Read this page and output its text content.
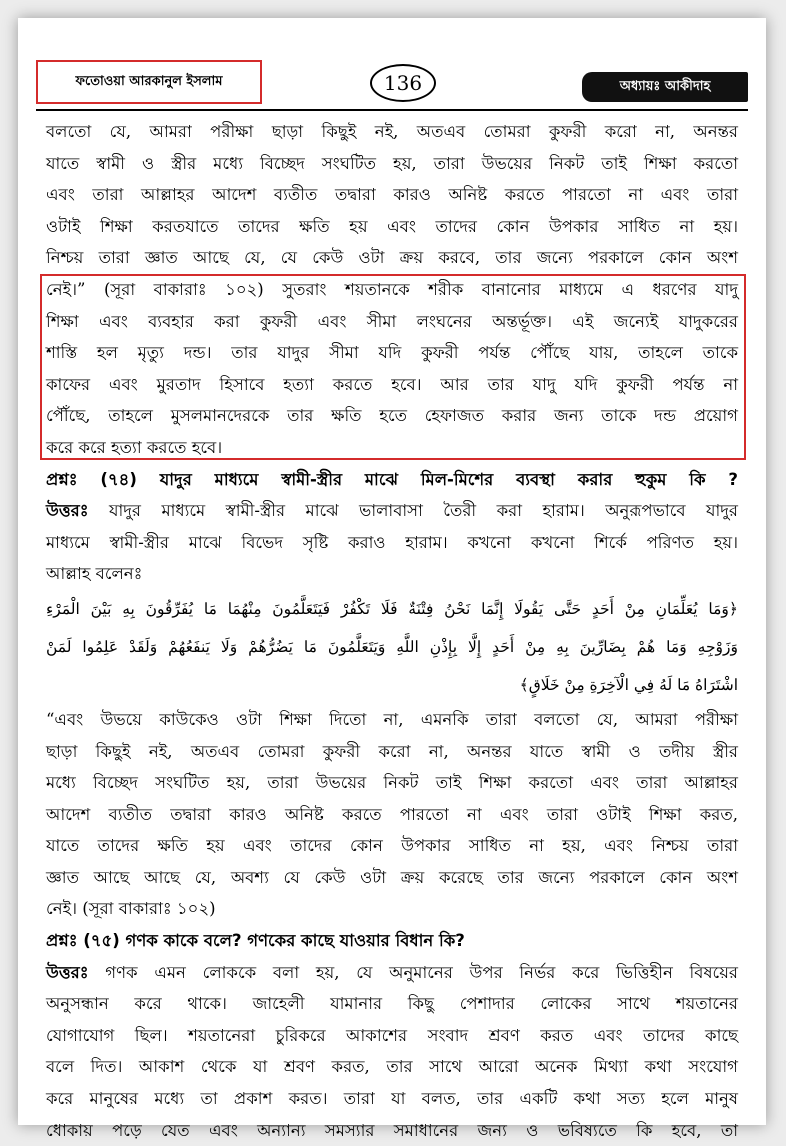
ফতোওয়া আরকানুল ইসলাম	136	অধ্যায়ঃ আকীদাহ
বলতো যে, আমরা পরীক্ষা ছাড়া কিছুই নই, অতএব তোমরা কুফরী করো না, অনন্তর
যাতে স্বামী ও স্ত্রীর মধ্যে বিচ্ছেদ সংঘটিত হয়, তারা উভয়ের নিকট তাই শিক্ষা করতো
এবং তারা আল্লাহর আদেশ ব্যতীত তদ্বারা কারও অনিষ্ট করতে পারতো না এবং তারা
ওটাই শিক্ষা করতযাতে তাদের ক্ষতি হয় এবং তাদের কোন উপকার সাধিত না হয়।
নিশ্চয় তারা জ্ঞাত আছে যে, যে কেউ ওটা ক্রয় করবে, তার জন্যে পরকালে কোন অংশ
নেই।” (সূরা বাকারাঃ ১০২) সুতরাং শয়তানকে শরীক বানানোর মাধ্যমে এ ধরণের যাদু
শিক্ষা এবং ব্যবহার করা কুফরী এবং সীমা লংঘনের অন্তর্ভূক্ত। এই জন্যেই যাদুকরের
শাস্তি হল মৃত্যু দন্ড। তার যাদুর সীমা যদি কুফরী পর্যন্ত পৌঁছে যায়, তাহলে তাকে
কাফের এবং মুরতাদ হিসাবে হত্যা করতে হবে। আর তার যাদু যদি কুফরী পর্যন্ত না
পৌঁছে, তাহলে মুসলমানদেরকে তার ক্ষতি হতে হেফাজত করার জন্য তাকে দন্ড প্রয়োগ
করে করে হত্যা করতে হবে।
প্রশ্নঃ (৭৪) যাদুর মাধ্যমে স্বামী-স্ত্রীর মাঝে মিল-মিশের ব্যবস্থা করার হুকুম কি ?
উত্তরঃ যাদুর মাধ্যমে স্বামী-স্ত্রীর মাঝে ভালাবাসা তৈরী করা হারাম। অনুরূপভাবে যাদুর
মাধ্যমে স্বামী-স্ত্রীর মাঝে বিভেদ সৃষ্টি করাও হারাম। কখনো কখনো শির্কে পরিণত হয়।
আল্লাহ বলেনঃ
﴿وَمَا يُعَلِّمَانِ مِنْ أَحَدٍ حَتَّى يَقُولَا إِنَّمَا نَحْنُ فِتْنَةٌ فَلَا تَكْفُرْ فَيَتَعَلَّمُونَ مِنْهُمَا مَا يُفَرِّقُونَ بِهِ بَيْنَ الْمَرْءِ
وَزَوْجِهِ وَمَا هُمْ بِضَارِّينَ بِهِ مِنْ أَحَدٍ إِلَّا بِإِذْنِ اللَّهِ وَيَتَعَلَّمُونَ مَا يَضُرُّهُمْ وَلَا يَنفَعُهُمْ وَلَقَدْ عَلِمُوا لَمَنْ
اشْتَرَاهُ مَا لَهُ فِي الْآخِرَةِ مِنْ خَلَاقٍ﴾
“এবং উভয়ে কাউকেও ওটা শিক্ষা দিতো না, এমনকি তারা বলতো যে, আমরা পরীক্ষা
ছাড়া কিছুই নই, অতএব তোমরা কুফরী করো না, অনন্তর যাতে স্বামী ও তদীয় স্ত্রীর
মধ্যে বিচ্ছেদ সংঘটিত হয়, তারা উভয়ের নিকট তাই শিক্ষা করতো এবং তারা আল্লাহর
আদেশ ব্যতীত তদ্বারা কারও অনিষ্ট করতে পারতো না এবং তারা ওটাই শিক্ষা করত,
যাতে তাদের ক্ষতি হয় এবং তাদের কোন উপকার সাধিত না হয়, এবং নিশ্চয় তারা
জ্ঞাত আছে আছে যে, অবশ্য যে কেউ ওটা ক্রয় করেছে তার জন্যে পরকালে কোন অংশ
নেই। (সূরা বাকারাঃ ১০২)
প্রশ্নঃ (৭৫) গণক কাকে বলে? গণকের কাছে যাওয়ার বিধান কি?
উত্তরঃ গণক এমন লোককে বলা হয়, যে অনুমানের উপর নির্ভর করে ভিত্তিহীন বিষয়ের
অনুসন্ধান করে থাকে। জাহেলী যামানার কিছু পেশাদার লোকের সাথে শয়তানের
যোগাযোগ ছিল। শয়তানেরা চুরিকরে আকাশের সংবাদ শ্রবণ করত এবং তাদের কাছে
বলে দিত। আকাশ থেকে যা শ্রবণ করত, তার সাথে আরো অনেক মিথ্যা কথা সংযোগ
করে মানুষের মধ্যে তা প্রকাশ করত। তারা যা বলত, তার একটি কথা সত্য হলে মানুষ
ধোকায় পড়ে যেত এবং অন্যান্য সমস্যার সমাধানের জন্য ও ভবিষ্যতে কি হবে, তা
